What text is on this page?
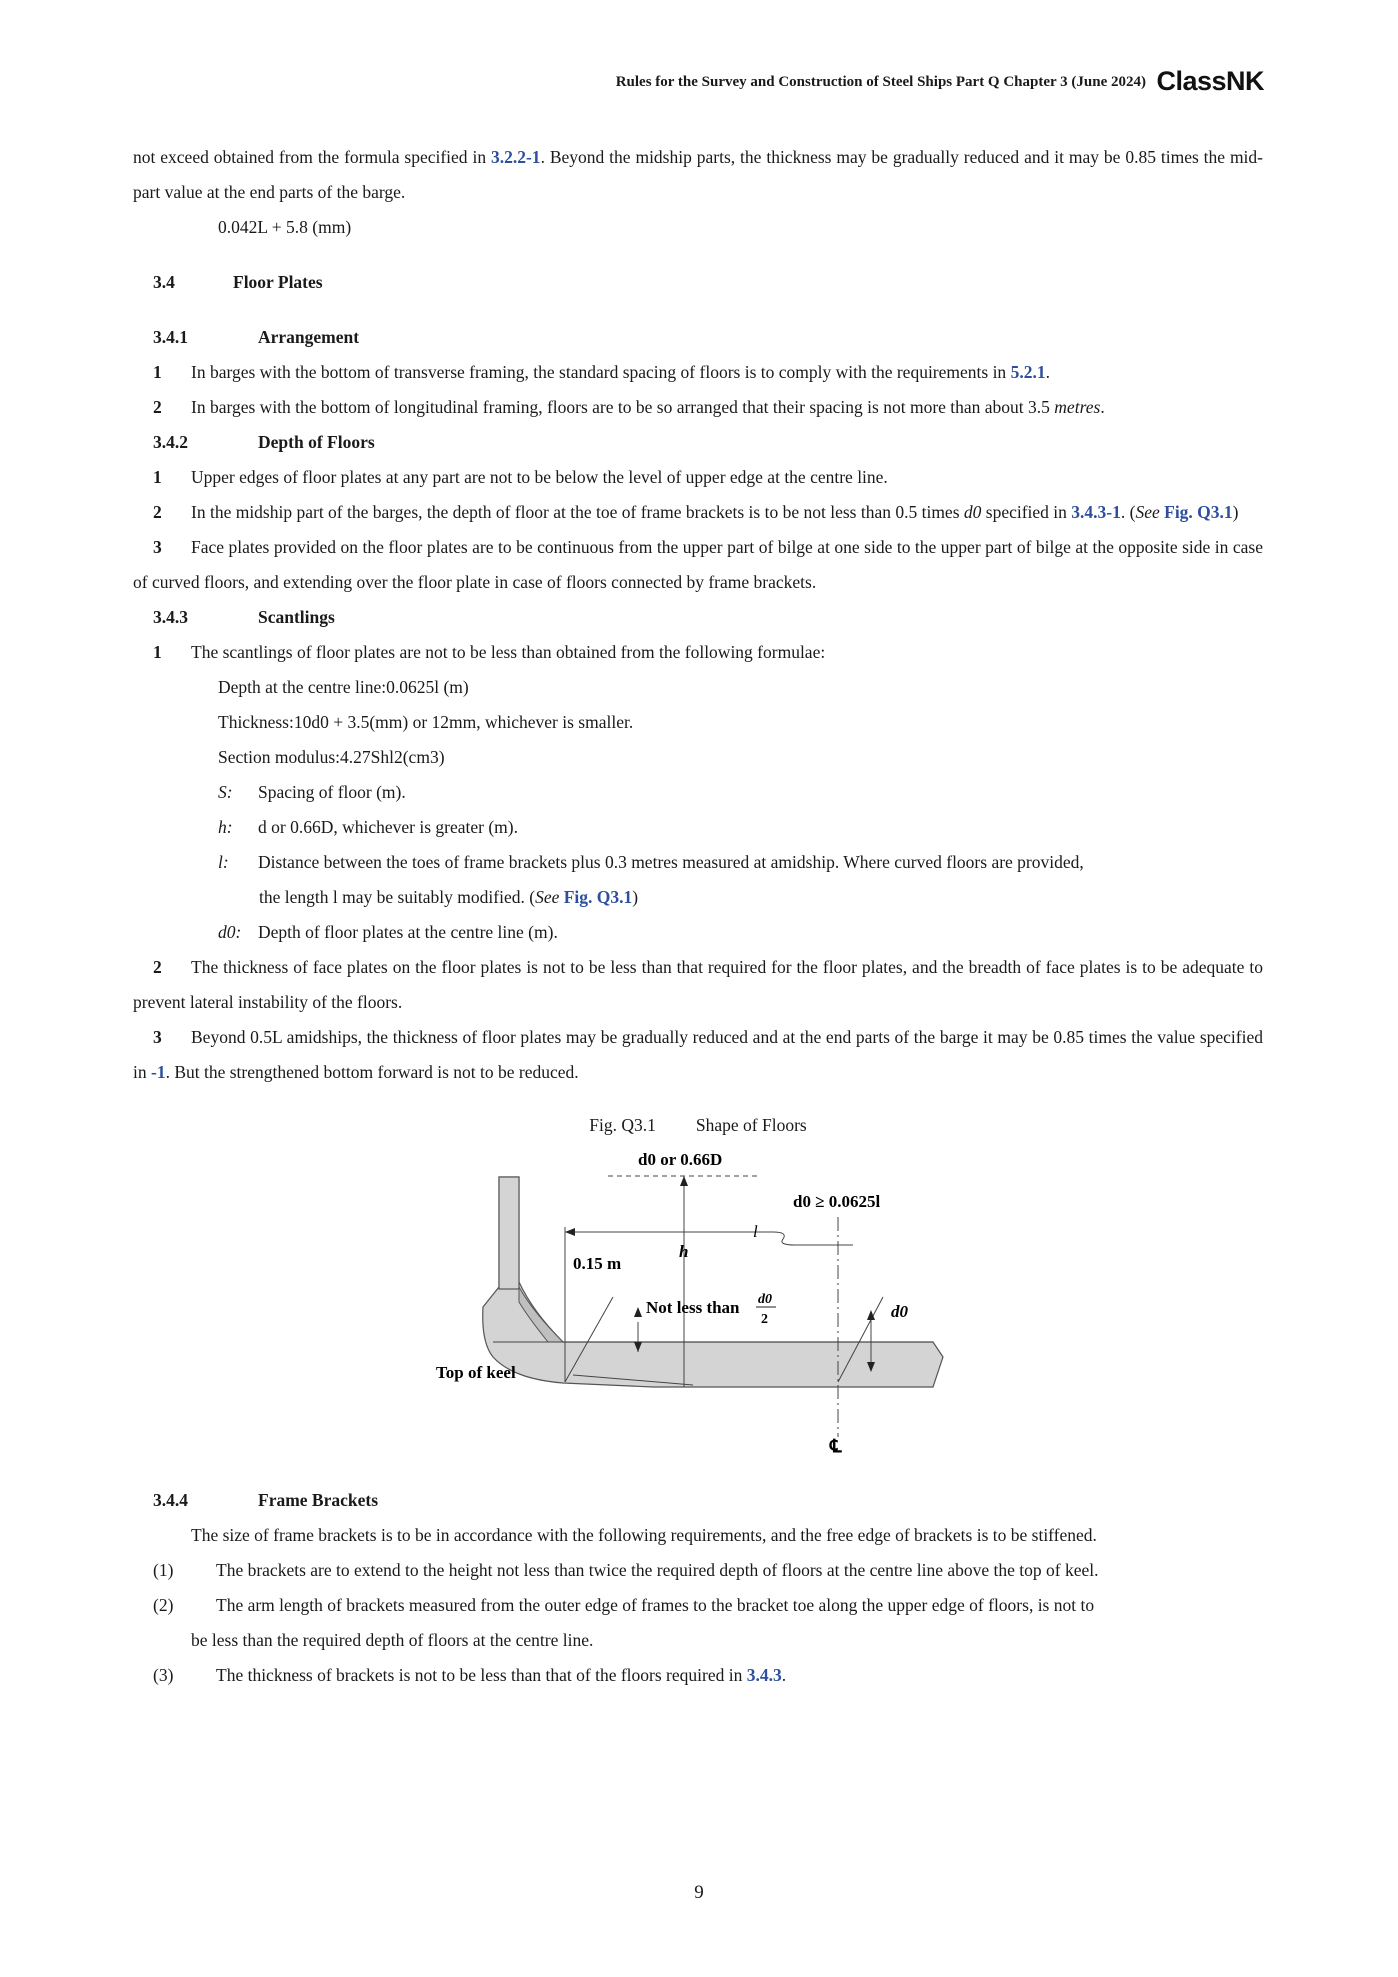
Rules for the Survey and Construction of Steel Ships Part Q Chapter 3 (June 2024) ClassNK

not exceed obtained from the formula specified in 3.2.2-1. Beyond the midship parts, the thickness may be gradually reduced and it may be 0.85 times the mid-part value at the end parts of the barge.

0.042L + 5.8 (mm)

3.4	Floor Plates

3.4.1	Arrangement

1 In barges with the bottom of transverse framing, the standard spacing of floors is to comply with the requirements in 5.2.1.

2 In barges with the bottom of longitudinal framing, floors are to be so arranged that their spacing is not more than about 3.5 metres.

3.4.2	Depth of Floors

1 Upper edges of floor plates at any part are not to be below the level of upper edge at the centre line.

2 In the midship part of the barges, the depth of floor at the toe of frame brackets is to be not less than 0.5 times d0 specified in 3.4.3-1. (See Fig. Q3.1)

3 Face plates provided on the floor plates are to be continuous from the upper part of bilge at one side to the upper part of bilge at the opposite side in case of curved floors, and extending over the floor plate in case of floors connected by frame brackets.

3.4.3	Scantlings

1 The scantlings of floor plates are not to be less than obtained from the following formulae:

Depth at the centre line:0.0625l (m)

Thickness:10d0 + 3.5(mm) or 12mm, whichever is smaller.

Section modulus:4.27Shl2(cm3)

S: Spacing of floor (m).

h: d or 0.66D, whichever is greater (m).

l: Distance between the toes of frame brackets plus 0.3 metres measured at amidship. Where curved floors are provided,

the length l may be suitably modified. (See Fig. Q3.1)

d0: Depth of floor plates at the centre line (m).

2 The thickness of face plates on the floor plates is not to be less than that required for the floor plates, and the breadth of face plates is to be adequate to prevent lateral instability of the floors.

3 Beyond 0.5L amidships, the thickness of floor plates may be gradually reduced and at the end parts of the barge it may be 0.85 times the value specified in -1. But the strengthened bottom forward is not to be reduced.

Fig. Q3.1 Shape of Floors

d0 or 0.66D
d0 ≥ 0.0625l
l
h
0.15 m
Not less than d0
2	d0
Top of keel
℄

3.4.4	Frame Brackets

The size of frame brackets is to be in accordance with the following requirements, and the free edge of brackets is to be stiffened.

(1) The brackets are to extend to the height not less than twice the required depth of floors at the centre line above the top of keel.

(2) The arm length of brackets measured from the outer edge of frames to the bracket toe along the upper edge of floors, is not to

be less than the required depth of floors at the centre line.

(3) The thickness of brackets is not to be less than that of the floors required in 3.4.3.

9
